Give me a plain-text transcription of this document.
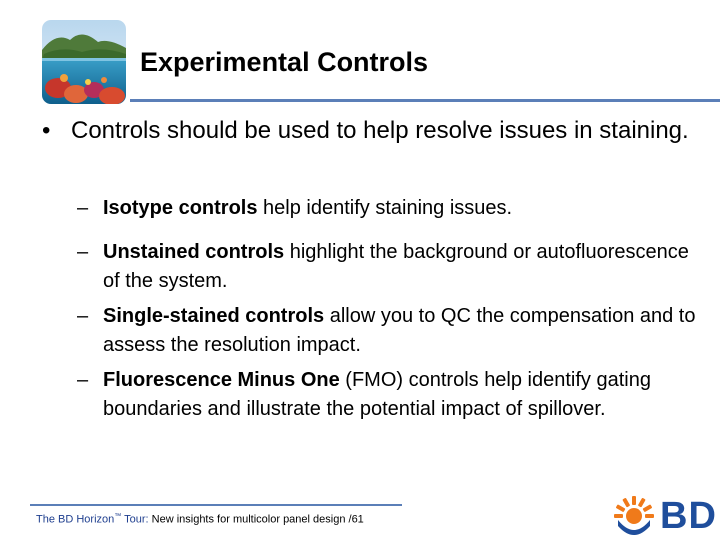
Experimental Controls
• Controls should be used to help resolve issues in staining.
– Isotype controls help identify staining issues.
– Unstained controls highlight the background or autofluorescence of the system.
– Single-stained controls allow you to QC the compensation and to assess the resolution impact.
– Fluorescence Minus One (FMO) controls help identify gating boundaries and illustrate the potential impact of spillover.
The BD Horizon™ Tour: New insights for multicolor panel design /61	BD
